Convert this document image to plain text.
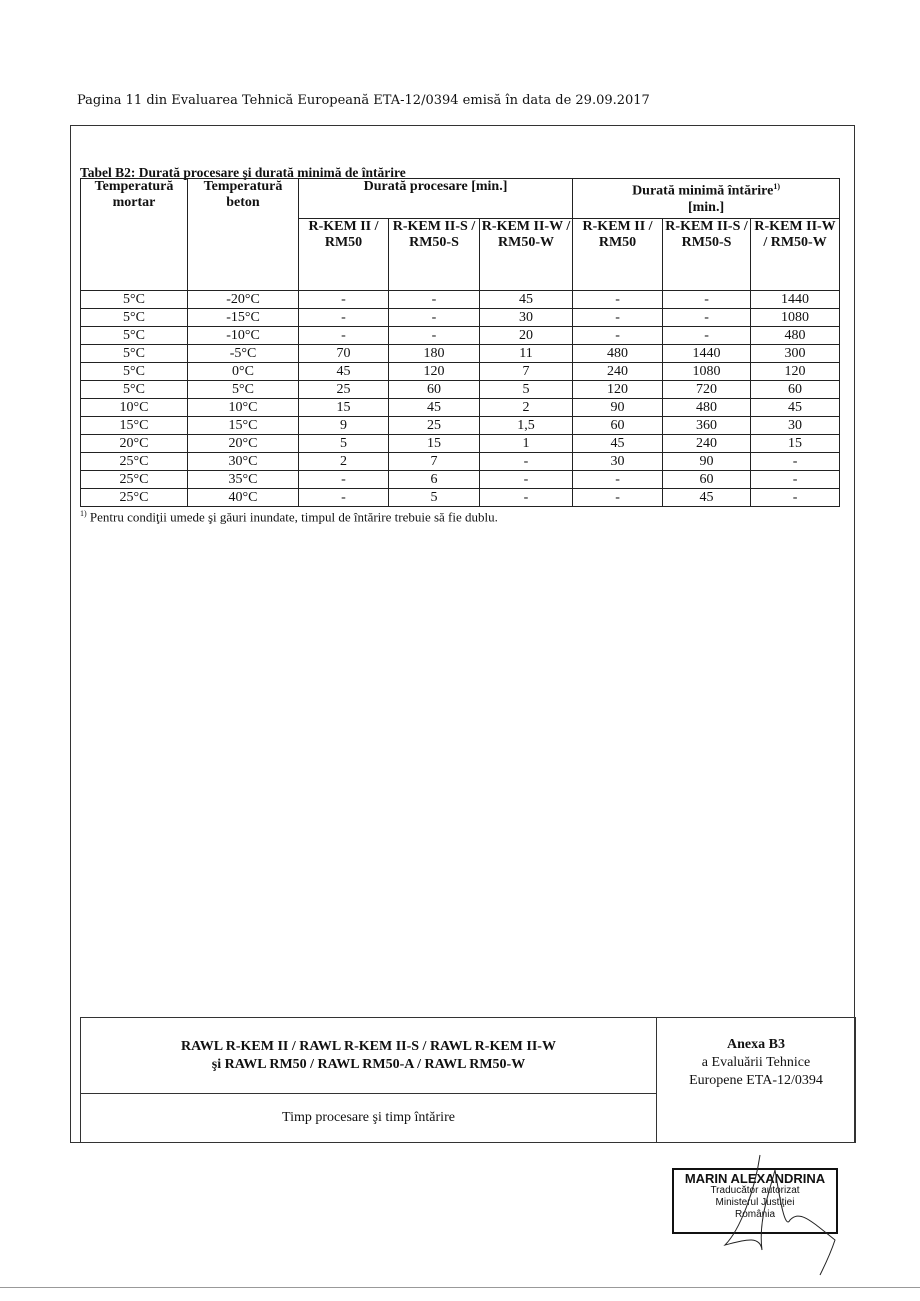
Pagina 11 din Evaluarea Tehnică Europeană ETA-12/0394 emisă în data de 29.09.2017
Tabel B2: Durată procesare şi durată minimă de întărire
Temperatură mortar	Temperatură beton	Durată procesare [min.]			Durată minimă întărire$^{1)}$
[min.]		
		R-KEM II / RM50	R-KEM II-S / RM50-S	R-KEM II-W / RM50-W	R-KEM II / RM50	R-KEM II-S / RM50-S	R-KEM II-W / RM50-W
5°C	-20°C	-	-	45	-	-	1440
5°C	-15°C	-	-	30	-	-	1080
5°C	-10°C	-	-	20	-	-	480
5°C	-5°C	70	180	11	480	1440	300
5°C	0°C	45	120	7	240	1080	120
5°C	5°C	25	60	5	120	720	60
10°C	10°C	15	45	2	90	480	45
15°C	15°C	9	25	1,5	60	360	30
20°C	20°C	5	15	1	45	240	15
25°C	30°C	2	7	-	30	90	-
25°C	35°C	-	6	-	-	60	-
25°C	40°C	-	5	-	-	45	-
$^{1)}$ Pentru condiţii umede şi găuri inundate, timpul de întărire trebuie să fie dublu.
RAWL R-KEM II / RAWL R-KEM II-S / RAWL R-KEM II-W
şi RAWL RM50 / RAWL RM50-A / RAWL RM50-W
Timp procesare şi timp întărire
Anexa B3
a Evaluării Tehnice
Europene ETA-12/0394
MARIN ALEXANDRINA
Traducător autorizat
Ministerul Justiţiei
România
